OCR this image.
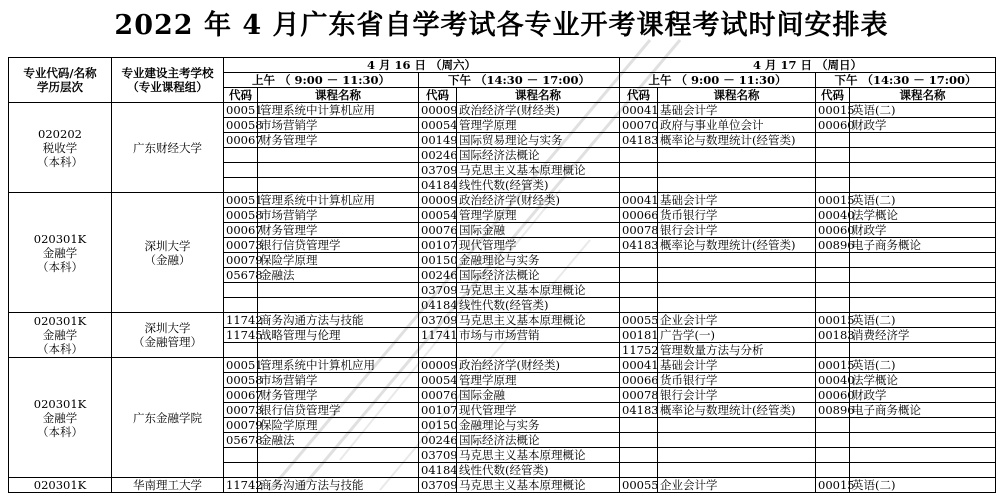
2022 年 4 月广东省自学考试各专业开考课程考试时间安排表
专业代码/名称
学历层次	专业建设主考学校
（专业课程组）	4 月 16 日 （周六）				4 月 17 日 （周日）			
		上午 （ 9:00 － 11:30）		下午 （14:30 － 17:00）		上午 （ 9:00 － 11:30）		下午 （14:30 － 17:00）	
		代码	课程名称	代码	课程名称	代码	课程名称	代码	课程名称
020202
税收学
（本科）	广东财经大学	00051	管理系统中计算机应用	00009	政治经济学(财经类)	00041	基础会计学	00015	英语(二)
		00058	市场营销学	00054	管理学原理	00070	政府与事业单位会计	00060	财政学
		00067	财务管理学	00149	国际贸易理论与实务	04183	概率论与数理统计(经管类)		
				00246	国际经济法概论				
				03709	马克思主义基本原理概论				
				04184	线性代数(经管类)				
020301K
金融学
（本科）	深圳大学
（金融）	00051	管理系统中计算机应用	00009	政治经济学(财经类)	00041	基础会计学	00015	英语(二)
		00058	市场营销学	00054	管理学原理	00066	货币银行学	00040	法学概论
		00067	财务管理学	00076	国际金融	00078	银行会计学	00060	财政学
		00073	银行信贷管理学	00107	现代管理学	04183	概率论与数理统计(经管类)	00896	电子商务概论
		00079	保险学原理	00150	金融理论与实务				
		05678	金融法	00246	国际经济法概论				
				03709	马克思主义基本原理概论				
				04184	线性代数(经管类)				
020301K
金融学
（本科）	深圳大学
（金融管理）	11742	商务沟通方法与技能	03709	马克思主义基本原理概论	00055	企业会计学	00015	英语(二)
		11745	战略管理与伦理	11741	市场与市场营销	00181	广告学(一)	00183	消费经济学
						11752	管理数量方法与分析		
020301K
金融学
（本科）	广东金融学院	00051	管理系统中计算机应用	00009	政治经济学(财经类)	00041	基础会计学	00015	英语(二)
		00058	市场营销学	00054	管理学原理	00066	货币银行学	00040	法学概论
		00067	财务管理学	00076	国际金融	00078	银行会计学	00060	财政学
		00073	银行信贷管理学	00107	现代管理学	04183	概率论与数理统计(经管类)	00896	电子商务概论
		00079	保险学原理	00150	金融理论与实务				
		05678	金融法	00246	国际经济法概论				
				03709	马克思主义基本原理概论				
				04184	线性代数(经管类)				
020301K	华南理工大学	11742	商务沟通方法与技能	03709	马克思主义基本原理概论	00055	企业会计学	00015	英语(二)
